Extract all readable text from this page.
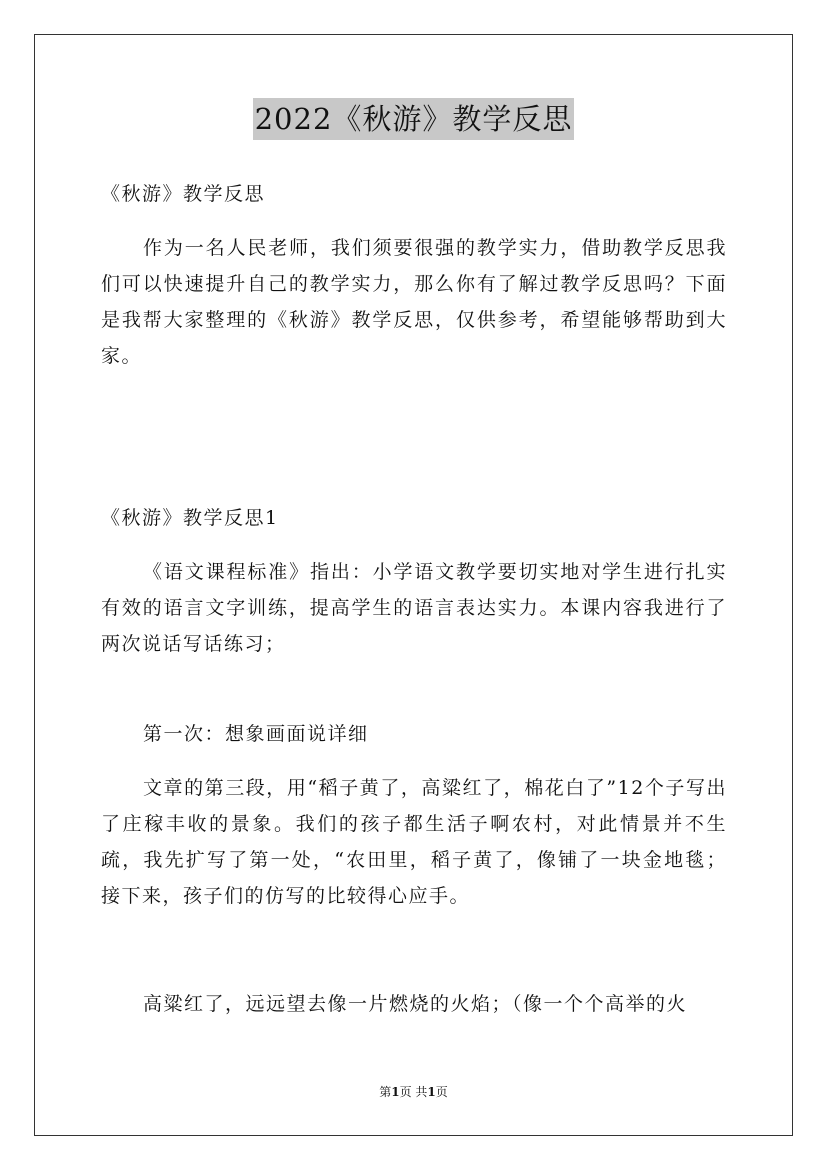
2022《秋游》教学反思

《秋游》教学反思

作为一名人民老师，我们须要很强的教学实力，借助教学反思我们可以快速提升自己的教学实力，那么你有了解过教学反思吗？下面是我帮大家整理的《秋游》教学反思，仅供参考，希望能够帮助到大家。

《秋游》教学反思1

《语文课程标准》指出：小学语文教学要切实地对学生进行扎实有效的语言文字训练，提高学生的语言表达实力。本课内容我进行了两次说话写话练习；

第一次：想象画面说详细

文章的第三段，用“稻子黄了，高粱红了，棉花白了”12个子写出了庄稼丰收的景象。我们的孩子都生活子啊农村，对此情景并不生疏，我先扩写了第一处，“农田里，稻子黄了，像铺了一块金地毯；接下来，孩子们的仿写的比较得心应手。

高粱红了，远远望去像一片燃烧的火焰；（像一个个高举的火

第1页 共1页
